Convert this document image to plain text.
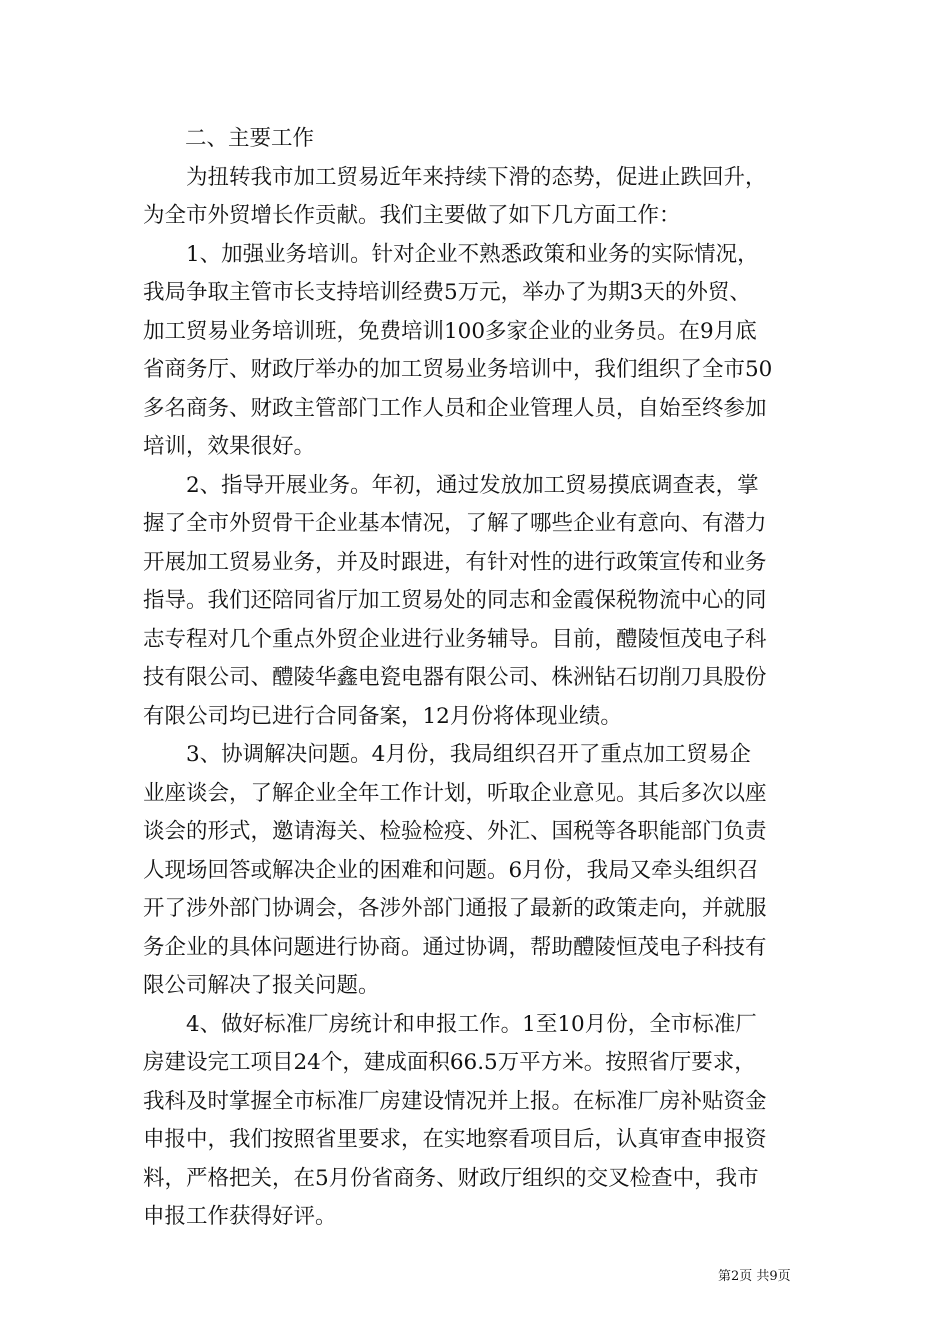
二、主要工作
　　为扭转我市加工贸易近年来持续下滑的态势，促进止跌回升，
为全市外贸增长作贡献。我们主要做了如下几方面工作：
　　1、加强业务培训。针对企业不熟悉政策和业务的实际情况，
我局争取主管市长支持培训经费5万元，举办了为期3天的外贸、
加工贸易业务培训班，免费培训100多家企业的业务员。在9月底
省商务厅、财政厅举办的加工贸易业务培训中，我们组织了全市50
多名商务、财政主管部门工作人员和企业管理人员，自始至终参加
培训，效果很好。
　　2、指导开展业务。年初，通过发放加工贸易摸底调查表，掌
握了全市外贸骨干企业基本情况，了解了哪些企业有意向、有潜力
开展加工贸易业务，并及时跟进，有针对性的进行政策宣传和业务
指导。我们还陪同省厅加工贸易处的同志和金霞保税物流中心的同
志专程对几个重点外贸企业进行业务辅导。目前，醴陵恒茂电子科
技有限公司、醴陵华鑫电瓷电器有限公司、株洲钻石切削刀具股份
有限公司均已进行合同备案，12月份将体现业绩。
　　3、协调解决问题。4月份，我局组织召开了重点加工贸易企
业座谈会，了解企业全年工作计划，听取企业意见。其后多次以座
谈会的形式，邀请海关、检验检疫、外汇、国税等各职能部门负责
人现场回答或解决企业的困难和问题。6月份，我局又牵头组织召
开了涉外部门协调会，各涉外部门通报了最新的政策走向，并就服
务企业的具体问题进行协商。通过协调，帮助醴陵恒茂电子科技有
限公司解决了报关问题。
　　4、做好标准厂房统计和申报工作。1至10月份，全市标准厂
房建设完工项目24个，建成面积66.5万平方米。按照省厅要求，
我科及时掌握全市标准厂房建设情况并上报。在标准厂房补贴资金
申报中，我们按照省里要求，在实地察看项目后，认真审查申报资
料，严格把关，在5月份省商务、财政厅组织的交叉检查中，我市
申报工作获得好评。
第2页 共9页
